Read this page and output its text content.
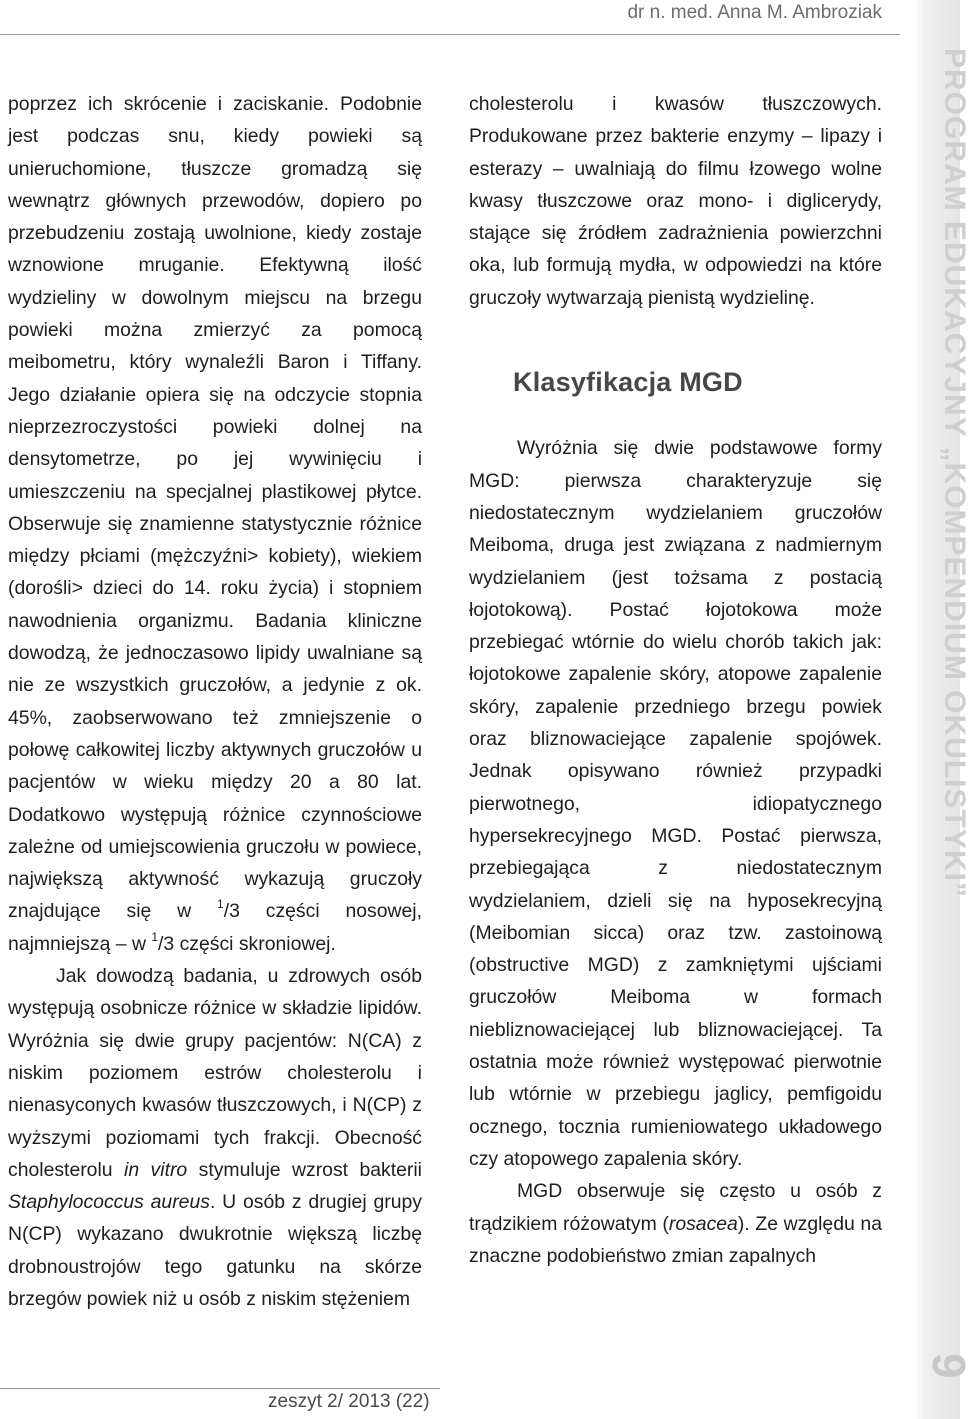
dr n. med. Anna M. Ambroziak

poprzez ich skrócenie i zaciskanie. Podobnie jest podczas snu, kiedy powieki są unieruchomione, tłuszcze gromadzą się wewnątrz głównych przewodów, dopiero po przebudzeniu zostają uwolnione, kiedy zostaje wznowione mruganie. Efektywną ilość wydzieliny w dowolnym miejscu na brzegu powieki można zmierzyć za pomocą meibometru, który wynaleźli Baron i Tiffany. Jego działanie opiera się na odczycie stopnia nieprzezroczystości powieki dolnej na densytometrze, po jej wywinięciu i umieszczeniu na specjalnej plastikowej płytce. Obserwuje się znamienne statystycznie różnice między płciami (mężczyźni> kobiety), wiekiem (dorośli> dzieci do 14. roku życia) i stopniem nawodnienia organizmu. Badania kliniczne dowodzą, że jednoczasowo lipidy uwalniane są nie ze wszystkich gruczołów, a jedynie z ok. 45%, zaobserwowano też zmniejszenie o połowę całkowitej liczby aktywnych gruczołów u pacjentów w wieku między 20 a 80 lat. Dodatkowo występują różnice czynnościowe zależne od umiejscowienia gruczołu w powiece, największą aktywność wykazują gruczoły znajdujące się w $^1$/3 części nosowej, najmniejszą – w $^1$/3 części skroniowej.

Jak dowodzą badania, u zdrowych osób występują osobnicze różnice w składzie lipidów. Wyróżnia się dwie grupy pacjentów: N(CA) z niskim poziomem estrów cholesterolu i nienasyconych kwasów tłuszczowych, i N(CP) z wyższymi poziomami tych frakcji. Obecność cholesterolu in vitro stymuluje wzrost bakterii Staphylococcus aureus. U osób z drugiej grupy N(CP) wykazano dwukrotnie większą liczbę drobnoustrojów tego gatunku na skórze brzegów powiek niż u osób z niskim stężeniem

cholesterolu i kwasów tłuszczowych. Produkowane przez bakterie enzymy – lipazy i esterazy – uwalniają do filmu łzowego wolne kwasy tłuszczowe oraz mono- i diglicerydy, stające się źródłem zadrażnienia powierzchni oka, lub formują mydła, w odpowiedzi na które gruczoły wytwarzają pienistą wydzielinę.

Klasyfikacja MGD

Wyróżnia się dwie podstawowe formy MGD: pierwsza charakteryzuje się niedostatecznym wydzielaniem gruczołów Meiboma, druga jest związana z nadmiernym wydzielaniem (jest tożsama z postacią łojotokową). Postać łojotokowa może przebiegać wtórnie do wielu chorób takich jak: łojotokowe zapalenie skóry, atopowe zapalenie skóry, zapalenie przedniego brzegu powiek oraz bliznowaciejące zapalenie spojówek. Jednak opisywano również przypadki pierwotnego, idiopatycznego hypersekrecyjnego MGD. Postać pierwsza, przebiegająca z niedostatecznym wydzielaniem, dzieli się na hyposekrecyjną (Meibomian sicca) oraz tzw. zastoinową (obstructive MGD) z zamkniętymi ujściami gruczołów Meiboma w formach niebliznowaciejącej lub bliznowaciejącej. Ta ostatnia może również występować pierwotnie lub wtórnie w przebiegu jaglicy, pemfigoidu ocznego, tocznia rumieniowatego układowego czy atopowego zapalenia skóry.

MGD obserwuje się często u osób z trądzikiem różowatym (rosacea). Ze względu na znaczne podobieństwo zmian zapalnych

PROGRAM EDUKACYJNY „KOMPENDIUM OKULISTYKI”
9
zeszyt 2/ 2013 (22)
